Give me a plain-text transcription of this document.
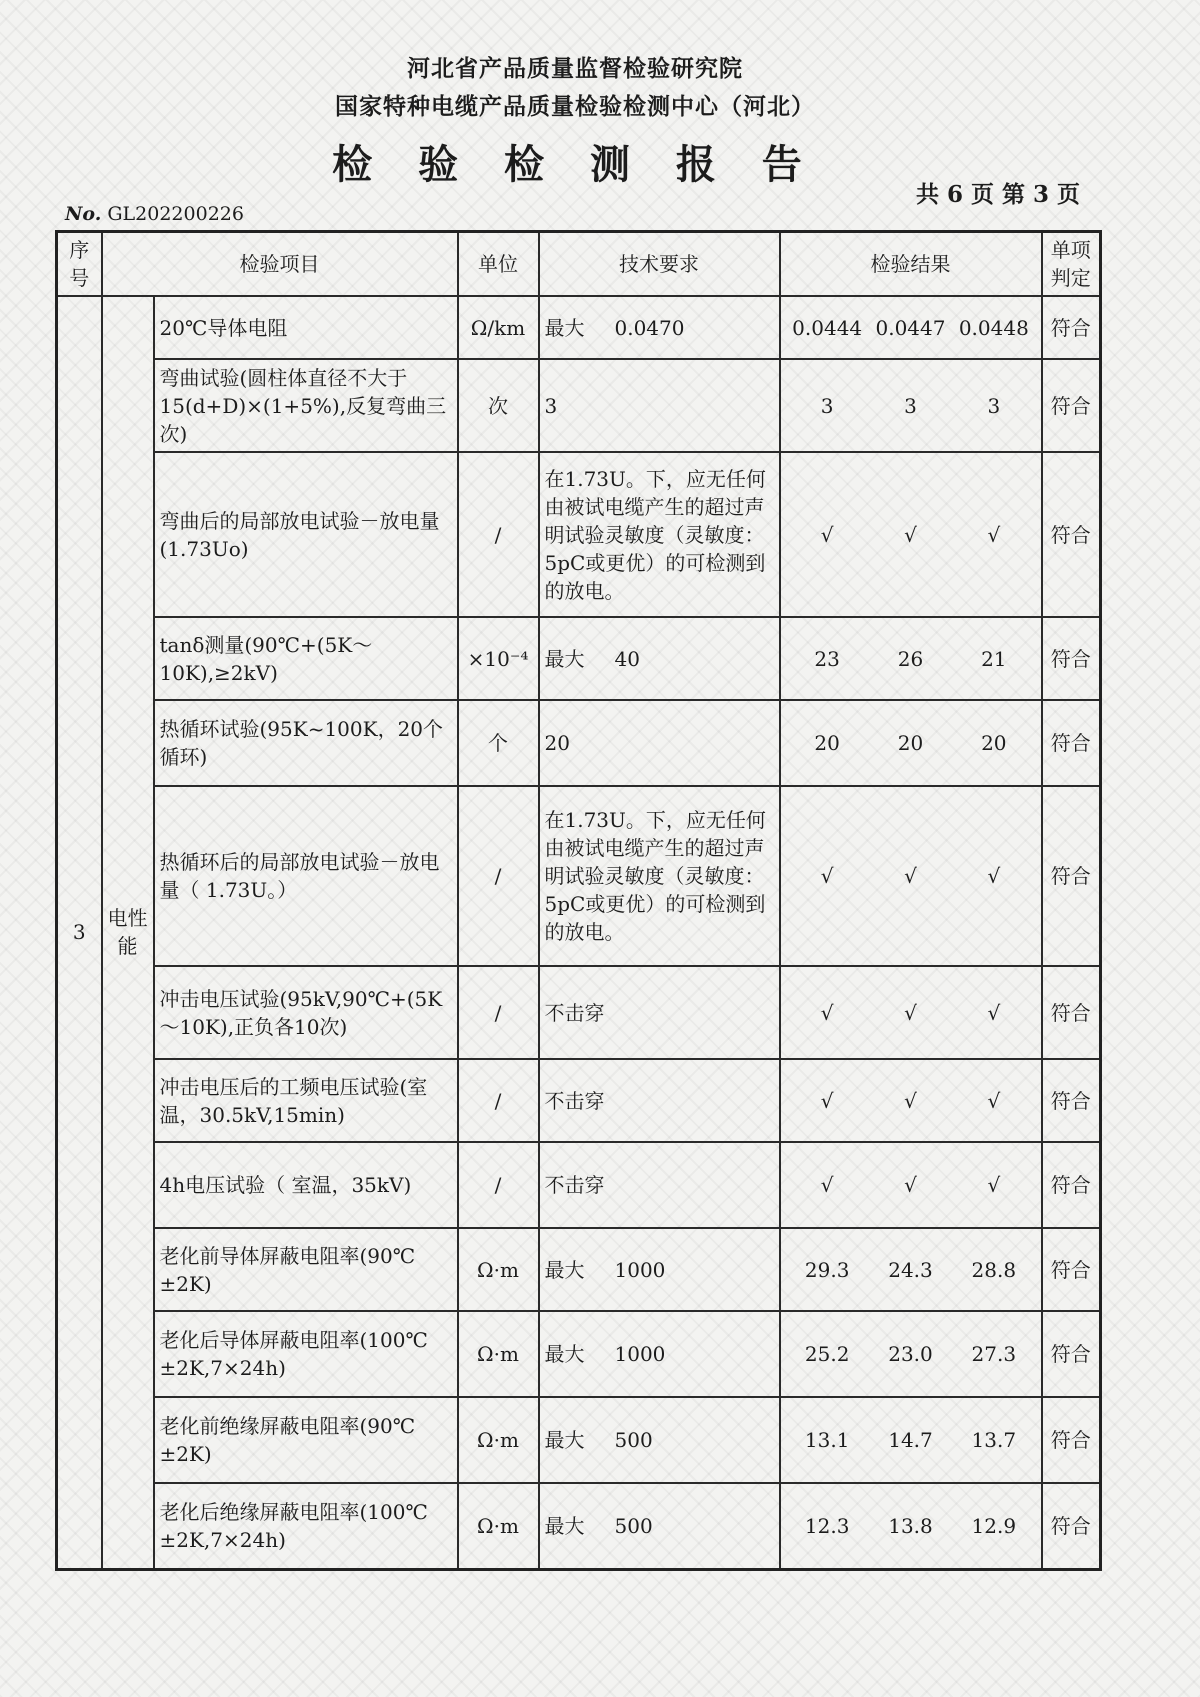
河北省产品质量监督检验研究院
国家特种电缆产品质量检验检测中心（河北）
检 验 检 测 报 告
共 6 页 第 3 页
No. GL202200226
序号	检验项目		单位	技术要求	检验结果	单项判定
3	电性能	20℃导体电阻	Ω/km	最大 0.0470	0.0444 0.0447 0.0448	符合
		弯曲试验(圆柱体直径不大于15(d+D)×(1+5%),反复弯曲三次)	次	3	3 3 3	符合
		弯曲后的局部放电试验－放电量(1.73Uo)	/	在1.73U。下，应无任何由被试电缆产生的超过声明试验灵敏度（灵敏度：5pC或更优）的可检测到的放电。	√ √ √	符合
		tanδ测量(90℃+(5K～10K),≥2kV)	×10⁻⁴	最大 40	23 26 21	符合
		热循环试验(95K~100K，20个循环)	个	20	20 20 20	符合
		热循环后的局部放电试验－放电量（ 1.73U。）	/	在1.73U。下，应无任何由被试电缆产生的超过声明试验灵敏度（灵敏度：5pC或更优）的可检测到的放电。	√ √ √	符合
		冲击电压试验(95kV,90℃+(5K～10K),正负各10次)	/	不击穿	√ √ √	符合
		冲击电压后的工频电压试验(室温，30.5kV,15min)	/	不击穿	√ √ √	符合
		4h电压试验（ 室温，35kV)	/	不击穿	√ √ √	符合
		老化前导体屏蔽电阻率(90℃±2K)	Ω·m	最大 1000	29.3 24.3 28.8	符合
		老化后导体屏蔽电阻率(100℃±2K,7×24h)	Ω·m	最大 1000	25.2 23.0 27.3	符合
		老化前绝缘屏蔽电阻率(90℃±2K)	Ω·m	最大 500	13.1 14.7 13.7	符合
		老化后绝缘屏蔽电阻率(100℃±2K,7×24h)	Ω·m	最大 500	12.3 13.8 12.9	符合
